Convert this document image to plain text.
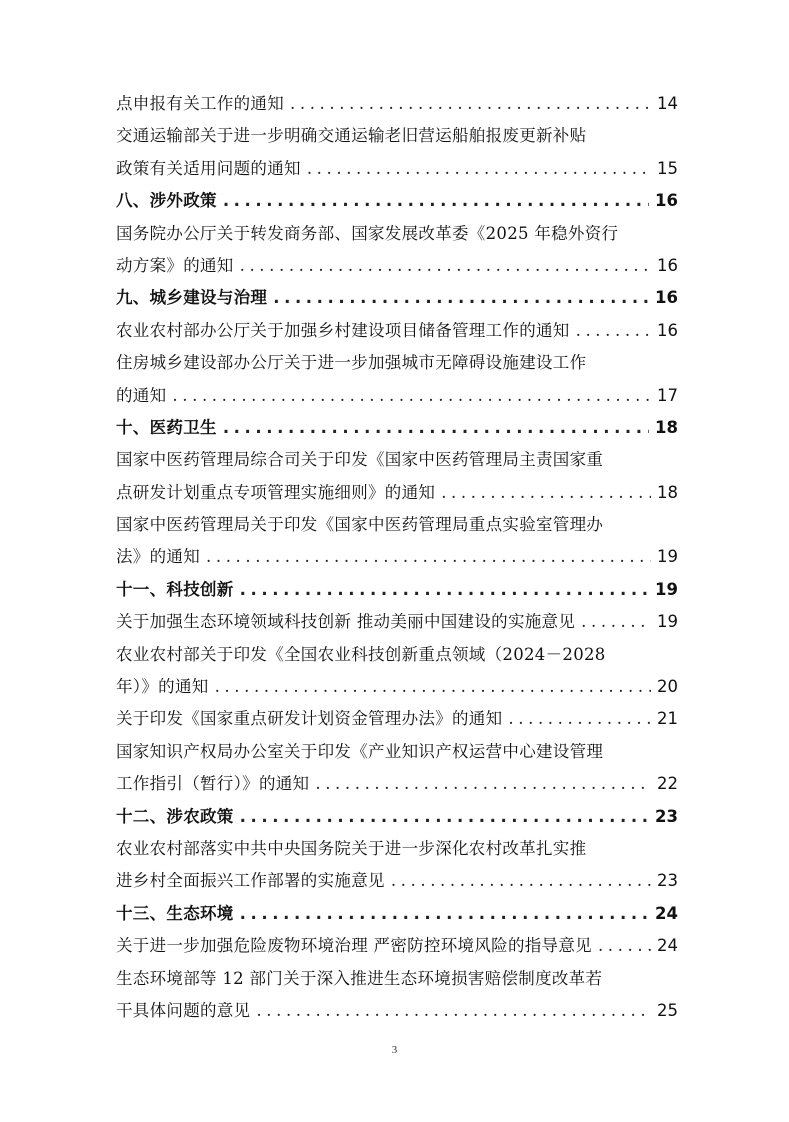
点申报有关工作的通知 .....	14
交通运输部关于进一步明确交通运输老旧营运船舶报废更新补贴
政策有关适用问题的通知 .....	15
八、涉外政策 .....	16
国务院办公厅关于转发商务部、国家发展改革委《2025 年稳外资行
动方案》的通知 .....	16
九、城乡建设与治理 .....	16
农业农村部办公厅关于加强乡村建设项目储备管理工作的通知 .....	16
住房城乡建设部办公厅关于进一步加强城市无障碍设施建设工作
的通知 .....	17
十、医药卫生 .....	18
国家中医药管理局综合司关于印发《国家中医药管理局主责国家重
点研发计划重点专项管理实施细则》的通知 .....	18
国家中医药管理局关于印发《国家中医药管理局重点实验室管理办
法》的通知 .....	19
十一、科技创新 .....	19
关于加强生态环境领域科技创新 推动美丽中国建设的实施意见 .....	19
农业农村部关于印发《全国农业科技创新重点领域（2024－2028
年）》的通知 .....	20
关于印发《国家重点研发计划资金管理办法》的通知 .....	21
国家知识产权局办公室关于印发《产业知识产权运营中心建设管理
工作指引（暂行）》的通知 .....	22
十二、涉农政策 .....	23
农业农村部落实中共中央国务院关于进一步深化农村改革扎实推
进乡村全面振兴工作部署的实施意见 .....	23
十三、生态环境 .....	24
关于进一步加强危险废物环境治理 严密防控环境风险的指导意见 .....	24
生态环境部等 12 部门关于深入推进生态环境损害赔偿制度改革若
干具体问题的意见 .....	25
3
